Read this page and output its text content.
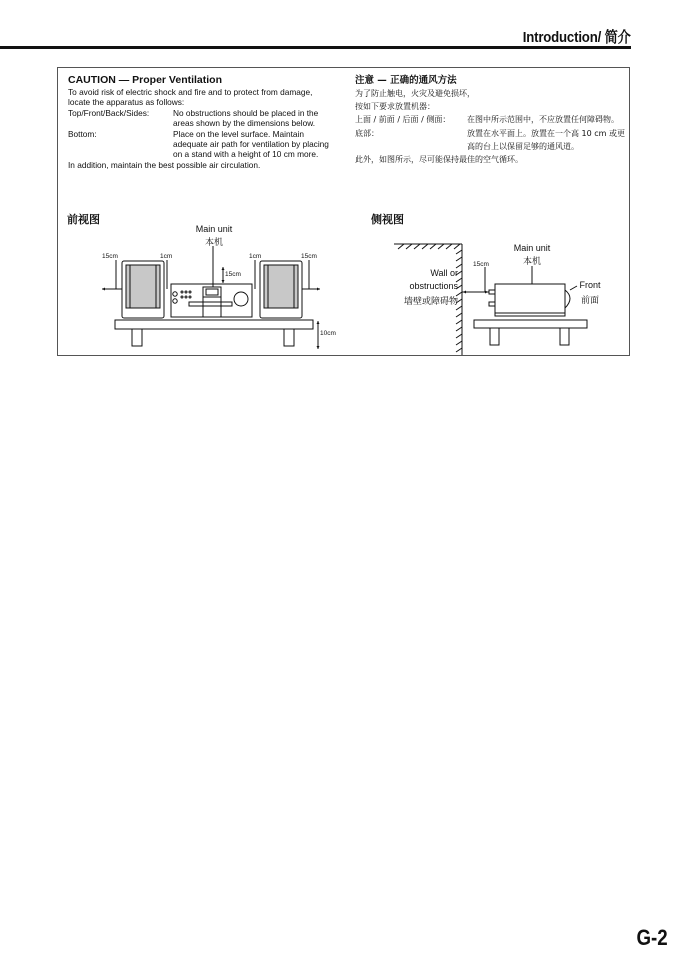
Introduction/ 简介
CAUTION — Proper Ventilation
To avoid risk of electric shock and fire and to protect from damage, locate the apparatus as follows:
Top/Front/Back/Sides:	No obstructions should be placed in the areas shown by the dimensions below.
Bottom:	Place on the level surface. Maintain adequate air path for ventilation by placing on a stand with a height of 10 cm more.
In addition, maintain the best possible air circulation.
注意 — 正确的通风方法
为了防止触电，火灾及避免损坏，
按如下要求放置机器：
上面 / 前面 / 后面 / 侧面：	在图中所示范围中，不应放置任何障碍物。
底部：	放置在水平面上。放置在一个高 10 cm 或更高的台上以保留足够的通风道。
此外，如图所示，尽可能保持最佳的空气循环。
前视图
Main unit
本机
15cm	1cm	1cm	15cm
15cm
10cm
侧视图
Main unit
本机
15cm
Wall or
obstructions
墙壁或障碍物
Front
前面
G-2
